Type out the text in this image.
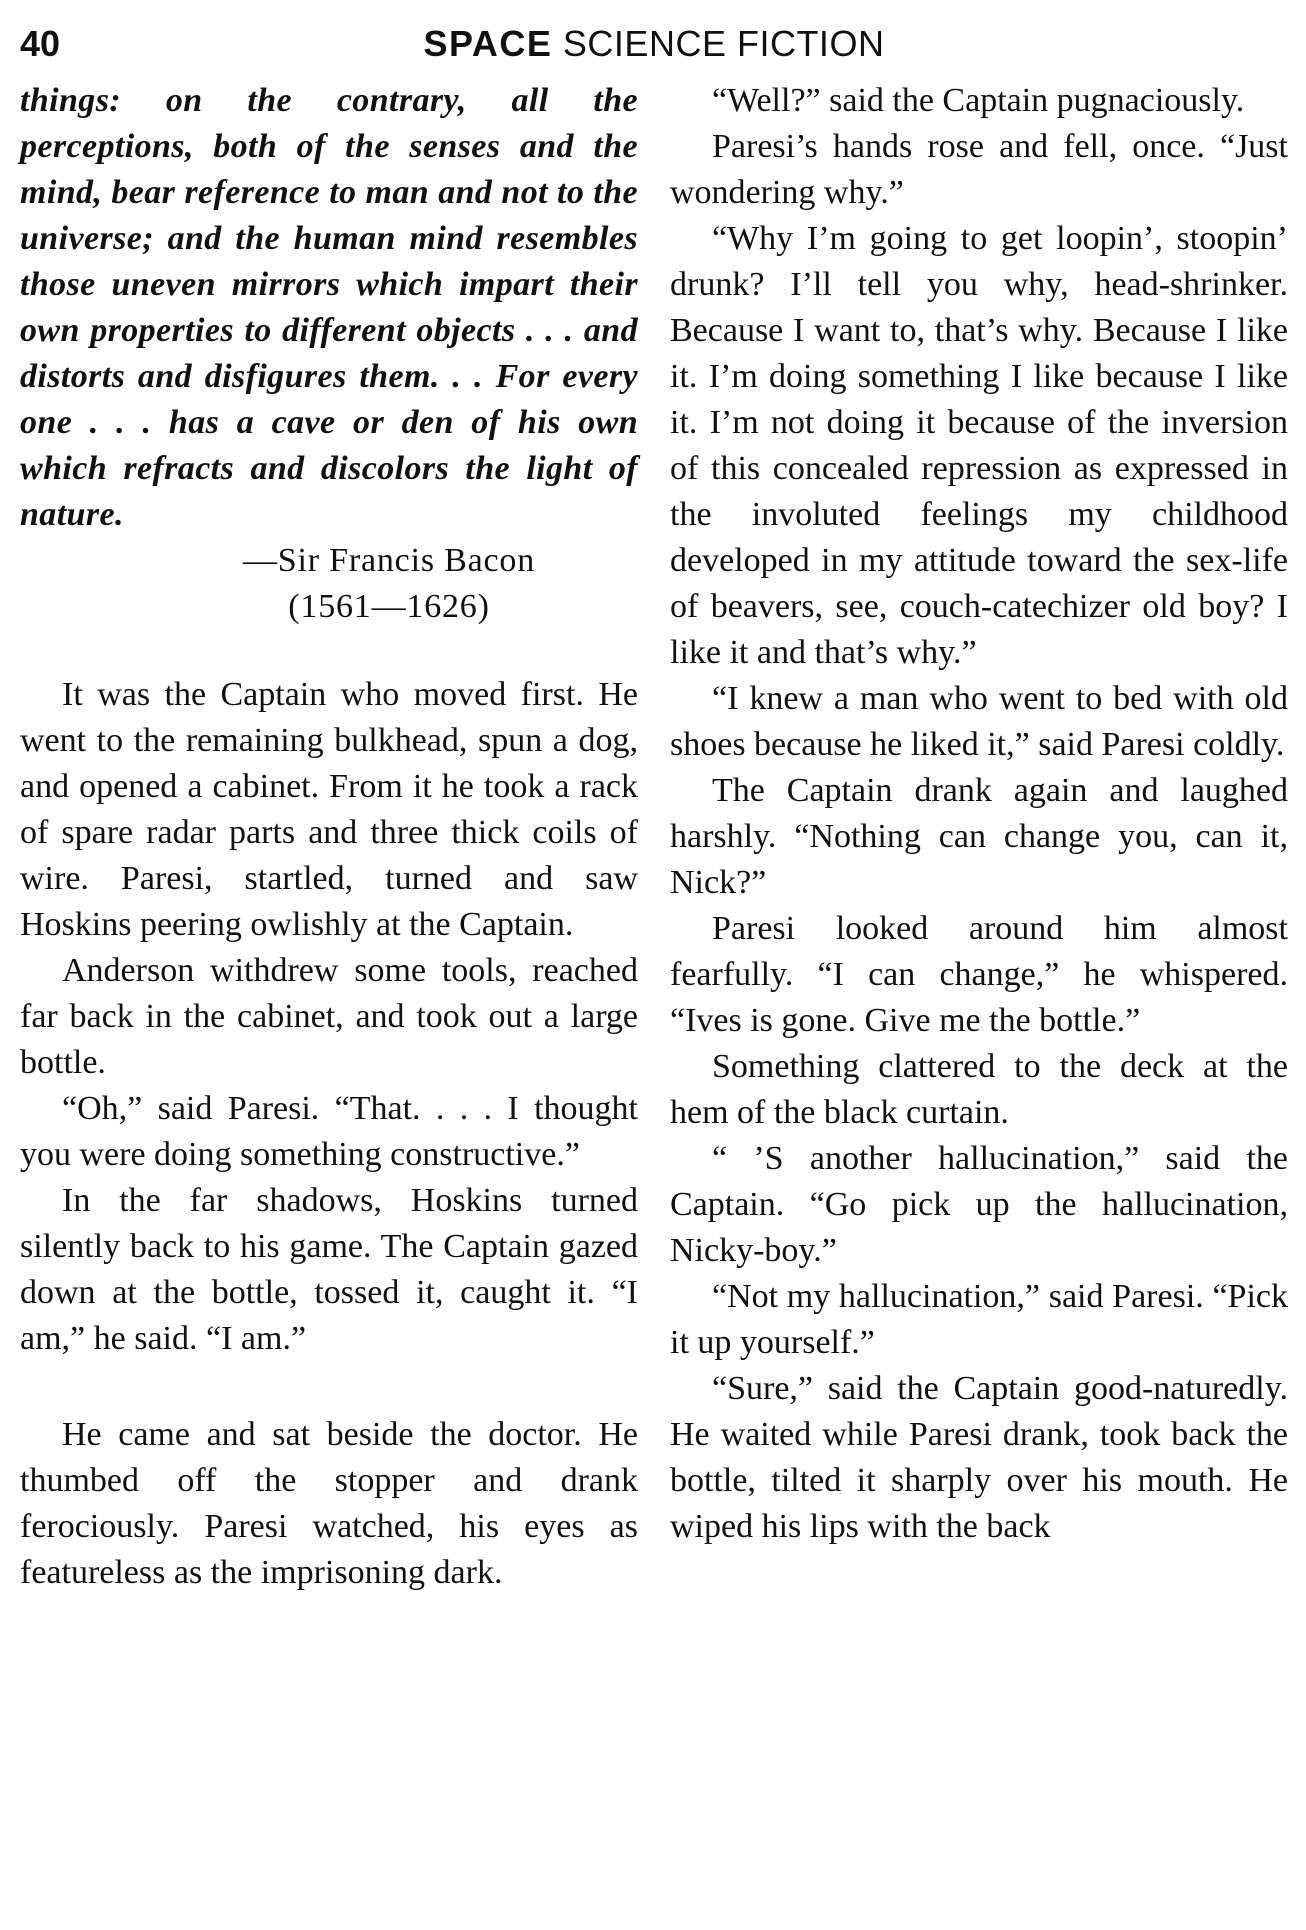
40	SPACE SCIENCE FICTION

things: on the contrary, all the perceptions, both of the senses and the mind, bear reference to man and not to the universe; and the human mind resembles those uneven mirrors which impart their own properties to different objects . . . and distorts and disfigures them. . . For every one . . . has a cave or den of his own which refracts and discolors the light of nature.

—Sir Francis Bacon
(1561—1626)

It was the Captain who moved first. He went to the remaining bulkhead, spun a dog, and opened a cabinet. From it he took a rack of spare radar parts and three thick coils of wire. Paresi, startled, turned and saw Hoskins peering owlishly at the Captain.

Anderson withdrew some tools, reached far back in the cabinet, and took out a large bottle.

“Oh,” said Paresi. “That. . . . I thought you were doing something constructive.”

In the far shadows, Hoskins turned silently back to his game. The Captain gazed down at the bottle, tossed it, caught it. “I am,” he said. “I am.”

He came and sat beside the doctor. He thumbed off the stopper and drank ferociously. Paresi watched, his eyes as featureless as the imprisoning dark.

“Well?” said the Captain pugnaciously.

Paresi’s hands rose and fell, once. “Just wondering why.”

“Why I’m going to get loopin’, stoopin’ drunk? I’ll tell you why, head-shrinker. Because I want to, that’s why. Because I like it. I’m doing something I like because I like it. I’m not doing it because of the inversion of this concealed repression as expressed in the involuted feelings my childhood developed in my attitude toward the sex-life of beavers, see, couch-catechizer old boy? I like it and that’s why.”

“I knew a man who went to bed with old shoes because he liked it,” said Paresi coldly.

The Captain drank again and laughed harshly. “Nothing can change you, can it, Nick?”

Paresi looked around him almost fearfully. “I can change,” he whispered. “Ives is gone. Give me the bottle.”

Something clattered to the deck at the hem of the black curtain.

“ ’S another hallucination,” said the Captain. “Go pick up the hallucination, Nicky-boy.”

“Not my hallucination,” said Paresi. “Pick it up yourself.”

“Sure,” said the Captain good-naturedly. He waited while Paresi drank, took back the bottle, tilted it sharply over his mouth. He wiped his lips with the back
